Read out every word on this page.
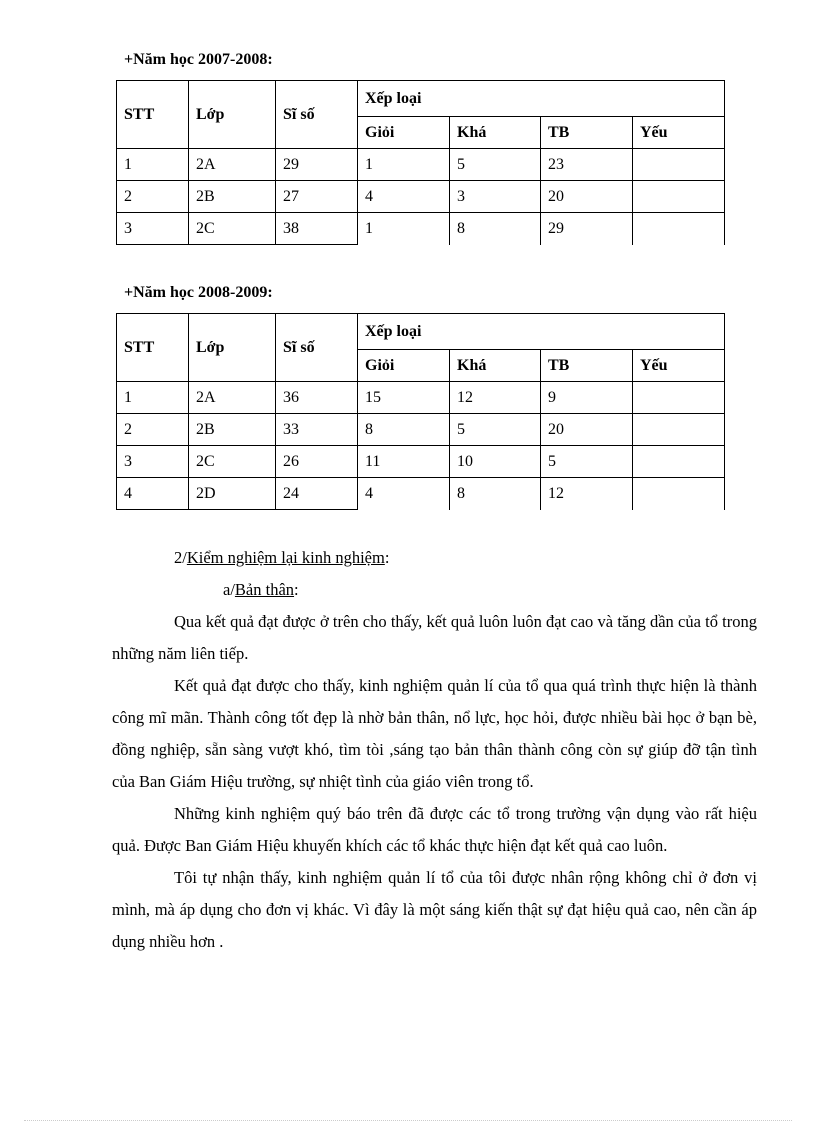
+Năm học 2007-2008:

STT	Lớp	Sĩ số	Xếp loại			
			Giỏi	Khá	TB	Yếu
1	2A	29	1	5	23	
2	2B	27	4	3	20	
3	2C	38	1	8	29	

+Năm học 2008-2009:

STT	Lớp	Sĩ số	Xếp loại			
			Giỏi	Khá	TB	Yếu
1	2A	36	15	12	9	
2	2B	33	8	5	20	
3	2C	26	11	10	5	
4	2D	24	4	8	12	

2/Kiểm nghiệm lại kinh nghiệm:

a/Bản thân:

Qua kết quả đạt được ở trên cho thấy, kết quả luôn luôn đạt cao và tăng dần của tổ trong những năm liên tiếp.

Kết quả đạt được cho thấy, kinh nghiệm quản lí của tổ qua quá trình thực hiện là thành công mĩ mãn. Thành công tốt đẹp là nhờ bản thân, nổ lực, học hỏi, được nhiều bài học ở bạn bè, đồng nghiệp, sẵn sàng vượt khó, tìm tòi ,sáng tạo bản thân thành công còn sự giúp đỡ tận tình của Ban Giám Hiệu trường, sự nhiệt tình của giáo viên trong tổ.

Những kinh nghiệm quý báo trên đã được các tổ trong trường vận dụng vào rất hiệu quả. Được Ban Giám Hiệu khuyến khích các tổ khác thực hiện đạt kết quả cao luôn.

Tôi tự nhận thấy, kinh nghiệm quản lí tổ của tôi được nhân rộng không chỉ ở đơn vị mình, mà áp dụng cho đơn vị khác. Vì đây là một sáng kiến thật sự đạt hiệu quả cao, nên cần áp dụng nhiều hơn .
